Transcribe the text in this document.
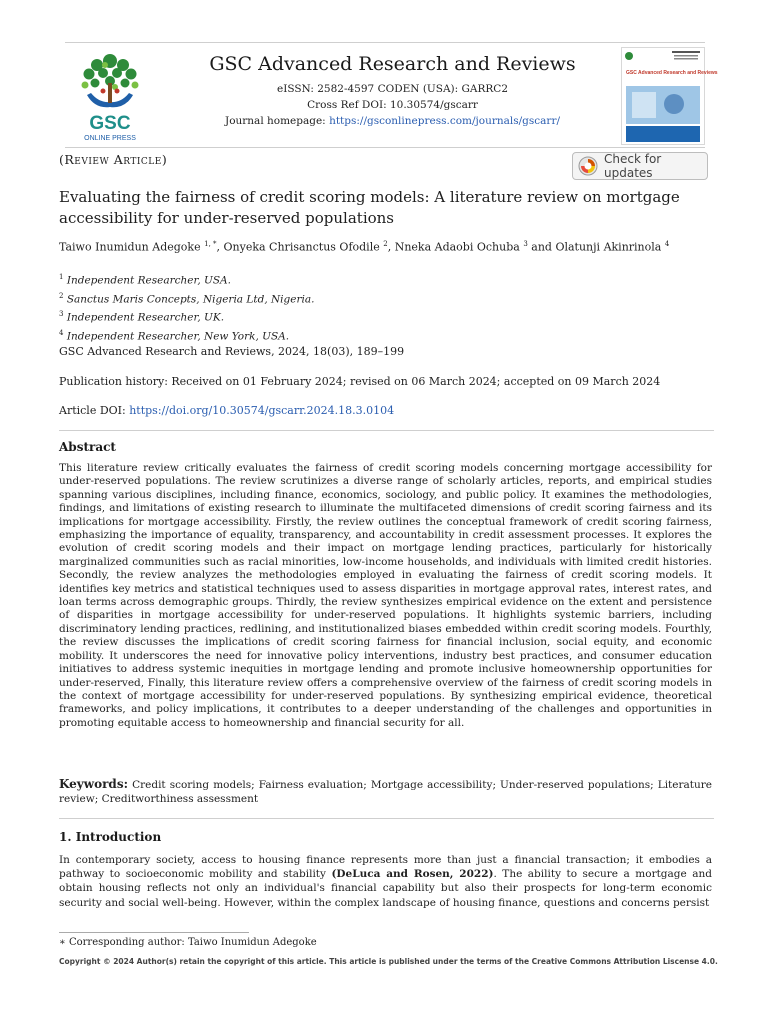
GSC
ONLINE PRESS
GSC Advanced Research and Reviews
eISSN: 2582-4597 CODEN (USA): GARRC2
Cross Ref DOI: 10.30574/gscarr
Journal homepage: https://gsconlinepress.com/journals/gscarr/
GSC Advanced Research and Reviews
(Review Article)	Check for updates
Evaluating the fairness of credit scoring models: A literature review on mortgage accessibility for under-reserved populations
Taiwo Inumidun Adegoke $^{1, *}$, Onyeka Chrisanctus Ofodile $^2$, Nneka Adaobi Ochuba $^3$ and Olatunji Akinrinola $^4$
$^1$ Independent Researcher, USA.
$^2$ Sanctus Maris Concepts, Nigeria Ltd, Nigeria.
$^3$ Independent Researcher, UK.
$^4$ Independent Researcher, New York, USA.
GSC Advanced Research and Reviews, 2024, 18(03), 189–199
Publication history: Received on 01 February 2024; revised on 06 March 2024; accepted on 09 March 2024
Article DOI: https://doi.org/10.30574/gscarr.2024.18.3.0104
Abstract
This literature review critically evaluates the fairness of credit scoring models concerning mortgage accessibility for under-reserved populations. The review scrutinizes a diverse range of scholarly articles, reports, and empirical studies spanning various disciplines, including finance, economics, sociology, and public policy. It examines the methodologies, findings, and limitations of existing research to illuminate the multifaceted dimensions of credit scoring fairness and its implications for mortgage accessibility. Firstly, the review outlines the conceptual framework of credit scoring fairness, emphasizing the importance of equality, transparency, and accountability in credit assessment processes. It explores the evolution of credit scoring models and their impact on mortgage lending practices, particularly for historically marginalized communities such as racial minorities, low-income households, and individuals with limited credit histories. Secondly, the review analyzes the methodologies employed in evaluating the fairness of credit scoring models. It identifies key metrics and statistical techniques used to assess disparities in mortgage approval rates, interest rates, and loan terms across demographic groups. Thirdly, the review synthesizes empirical evidence on the extent and persistence of disparities in mortgage accessibility for under-reserved populations. It highlights systemic barriers, including discriminatory lending practices, redlining, and institutionalized biases embedded within credit scoring models. Fourthly, the review discusses the implications of credit scoring fairness for financial inclusion, social equity, and economic mobility. It underscores the need for innovative policy interventions, industry best practices, and consumer education initiatives to address systemic inequities in mortgage lending and promote inclusive homeownership opportunities for under-reserved, Finally, this literature review offers a comprehensive overview of the fairness of credit scoring models in the context of mortgage accessibility for under-reserved populations. By synthesizing empirical evidence, theoretical frameworks, and policy implications, it contributes to a deeper understanding of the challenges and opportunities in promoting equitable access to homeownership and financial security for all.
Keywords: Credit scoring models; Fairness evaluation; Mortgage accessibility; Under-reserved populations; Literature review; Creditworthiness assessment
1. Introduction
In contemporary society, access to housing finance represents more than just a financial transaction; it embodies a pathway to socioeconomic mobility and stability (DeLuca and Rosen, 2022). The ability to secure a mortgage and obtain housing reflects not only an individual's financial capability but also their prospects for long-term economic security and social well-being. However, within the complex landscape of housing finance, questions and concerns persist
∗ Corresponding author: Taiwo Inumidun Adegoke
Copyright © 2024 Author(s) retain the copyright of this article. This article is published under the terms of the Creative Commons Attribution Liscense 4.0.
